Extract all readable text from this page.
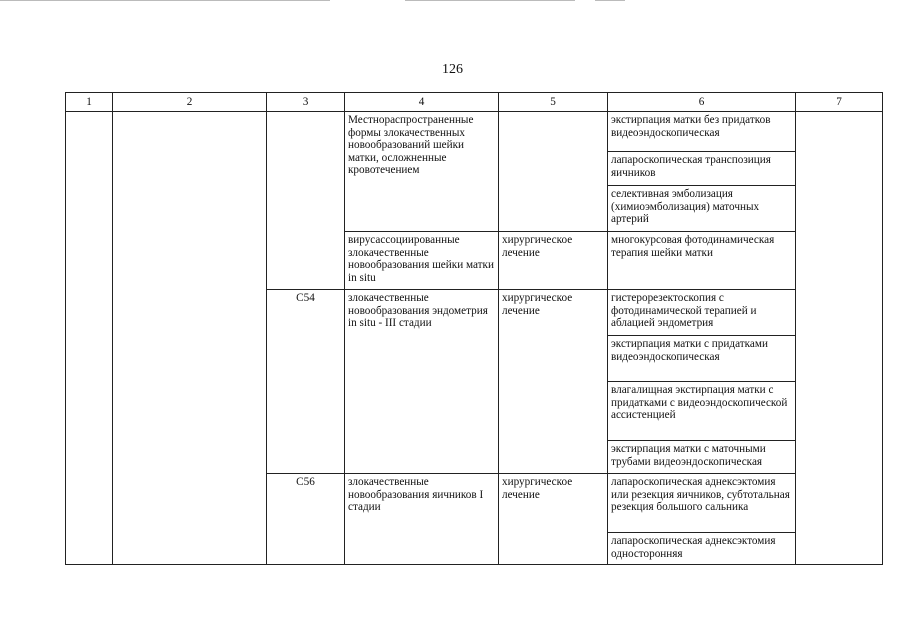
126
1	2	3	4	5	6	7
			Местнораспространенные формы злокачественных новообразований шейки матки, осложненные кровотечением		экстирпация матки без придатков видеоэндоскопическая	
					лапароскопическая транспозиция яичников	
					селективная эмболизация (химиоэмболизация) маточных артерий	
			вирусассоциированные злокачественные новообразования шейки матки in situ	хирургическое лечение	многокурсовая фотодинамическая терапия шейки матки	
		С54	злокачественные новообразования эндометрия in situ - III стадии	хирургическое лечение	гистерорезектоскопия с фотодинамической терапией и аблацией эндометрия	
					экстирпация матки с придатками видеоэндоскопическая	
					влагалищная экстирпация матки с придатками с видеоэндоскопической ассистенцией	
					экстирпация матки с маточными трубами видеоэндоскопическая	
		С56	злокачественные новообразования яичников I стадии	хирургическое лечение	лапароскопическая аднексэктомия или резекция яичников, субтотальная резекция большого сальника	
					лапароскопическая аднексэктомия односторонняя	
